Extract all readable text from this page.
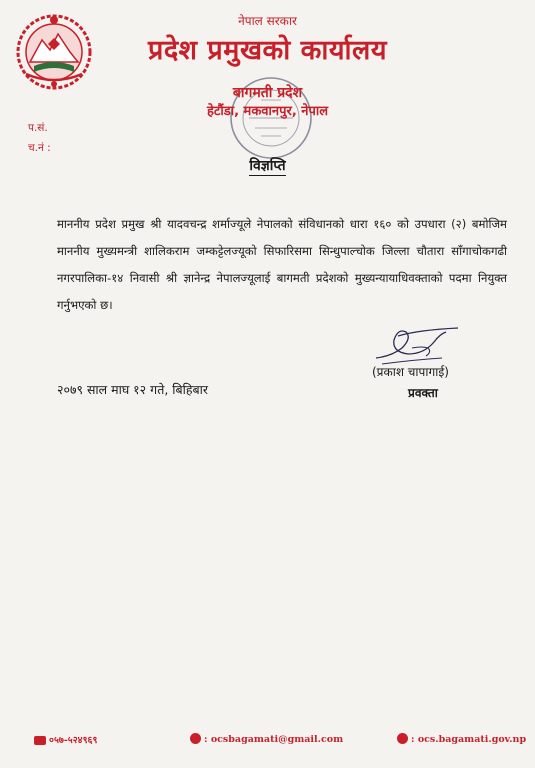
नेपाल सरकार
प्रदेश प्रमुखको कार्यालय
बागमती प्रदेश
हेटौंडा, मकवानपुर, नेपाल
प.सं.
च.नं :
विज्ञप्ति
माननीय प्रदेश प्रमुख श्री यादवचन्द्र शर्माज्यूले नेपालको संविधानको धारा १६० को उपधारा (२) बमोजिम माननीय मुख्यमन्त्री शालिकराम जम्कट्टेलज्यूको सिफारिसमा सिन्धुपाल्चोक जिल्ला चौतारा साँगाचोकगढी नगरपालिका-१४ निवासी श्री ज्ञानेन्द्र नेपालज्यूलाई बागमती प्रदेशको मुख्यन्यायाधिवक्ताको पदमा नियुक्त गर्नुभएको छ।
(प्रकाश चापागाई)
२०७९ साल माघ १२ गते, बिहिबार	प्रवक्ता
०५७-५२४९६९	: ocsbagamati@gmail.com	: ocs.bagamati.gov.np
